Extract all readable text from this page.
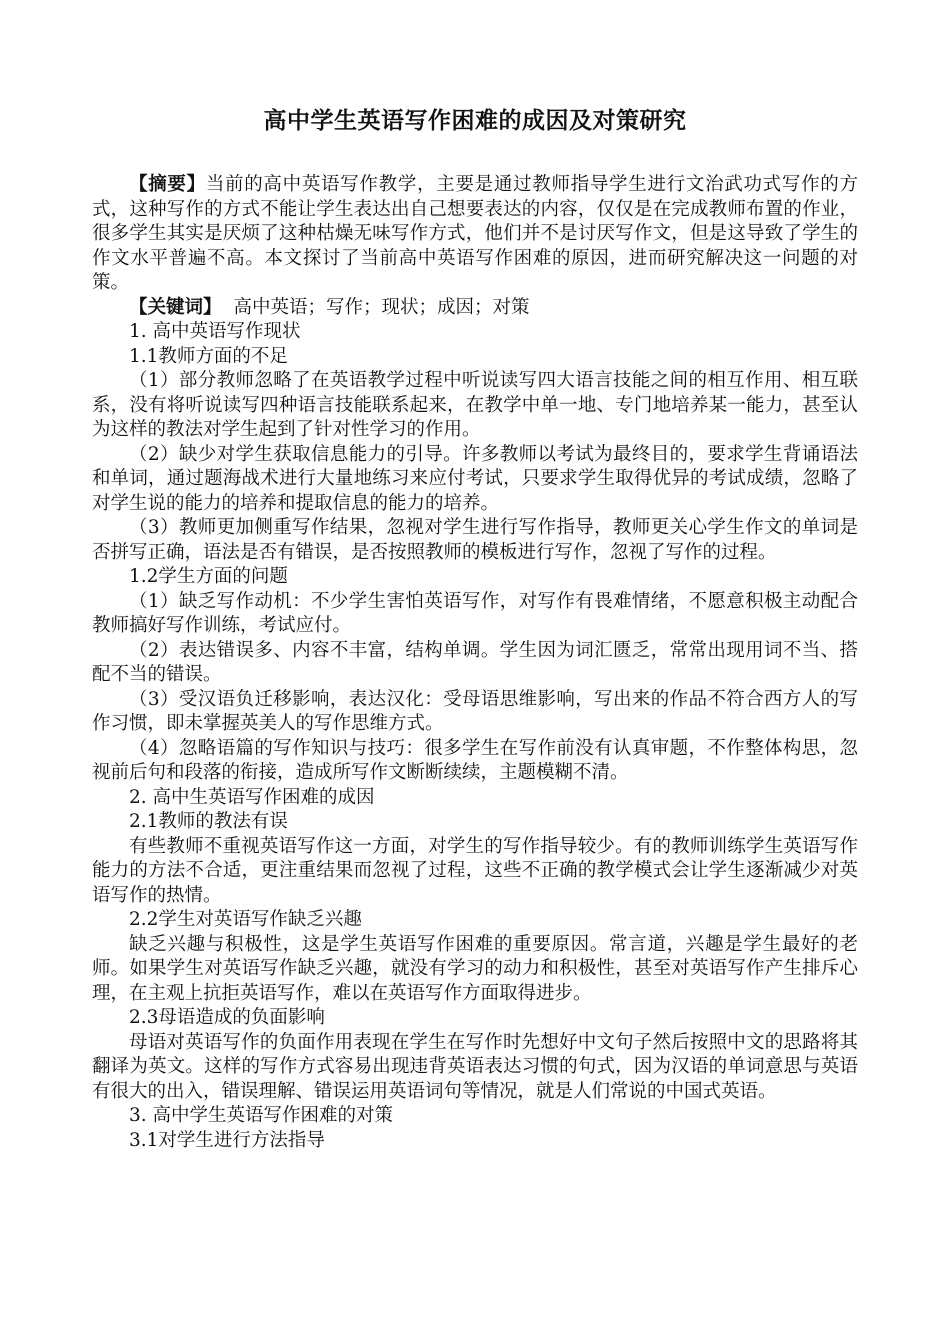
高中学生英语写作困难的成因及对策研究

【摘要】当前的高中英语写作教学，主要是通过教师指导学生进行文治武功式写作的方式，这种写作的方式不能让学生表达出自己想要表达的内容，仅仅是在完成教师布置的作业，很多学生其实是厌烦了这种枯燥无味写作方式，他们并不是讨厌写作文，但是这导致了学生的作文水平普遍不高。本文探讨了当前高中英语写作困难的原因，进而研究解决这一问题的对策。

【关键词】 高中英语；写作；现状；成因；对策

1. 高中英语写作现状

1.1教师方面的不足

（1）部分教师忽略了在英语教学过程中听说读写四大语言技能之间的相互作用、相互联系，没有将听说读写四种语言技能联系起来，在教学中单一地、专门地培养某一能力，甚至认为这样的教法对学生起到了针对性学习的作用。

（2）缺少对学生获取信息能力的引导。许多教师以考试为最终目的，要求学生背诵语法和单词，通过题海战术进行大量地练习来应付考试，只要求学生取得优异的考试成绩，忽略了对学生说的能力的培养和提取信息的能力的培养。

（3）教师更加侧重写作结果，忽视对学生进行写作指导，教师更关心学生作文的单词是否拼写正确，语法是否有错误，是否按照教师的模板进行写作，忽视了写作的过程。

1.2学生方面的问题

（1）缺乏写作动机：不少学生害怕英语写作，对写作有畏难情绪，不愿意积极主动配合教师搞好写作训练，考试应付。

（2）表达错误多、内容不丰富，结构单调。学生因为词汇匮乏，常常出现用词不当、搭配不当的错误。

（3）受汉语负迁移影响，表达汉化：受母语思维影响，写出来的作品不符合西方人的写作习惯，即未掌握英美人的写作思维方式。

（4）忽略语篇的写作知识与技巧：很多学生在写作前没有认真审题，不作整体构思，忽视前后句和段落的衔接，造成所写作文断断续续，主题模糊不清。

2. 高中生英语写作困难的成因

2.1教师的教法有误

有些教师不重视英语写作这一方面，对学生的写作指导较少。有的教师训练学生英语写作能力的方法不合适，更注重结果而忽视了过程，这些不正确的教学模式会让学生逐渐减少对英语写作的热情。

2.2学生对英语写作缺乏兴趣

缺乏兴趣与积极性，这是学生英语写作困难的重要原因。常言道，兴趣是学生最好的老师。如果学生对英语写作缺乏兴趣，就没有学习的动力和积极性，甚至对英语写作产生排斥心理，在主观上抗拒英语写作，难以在英语写作方面取得进步。

2.3母语造成的负面影响

母语对英语写作的负面作用表现在学生在写作时先想好中文句子然后按照中文的思路将其翻译为英文。这样的写作方式容易出现违背英语表达习惯的句式，因为汉语的单词意思与英语有很大的出入，错误理解、错误运用英语词句等情况，就是人们常说的中国式英语。

3. 高中学生英语写作困难的对策

3.1对学生进行方法指导
